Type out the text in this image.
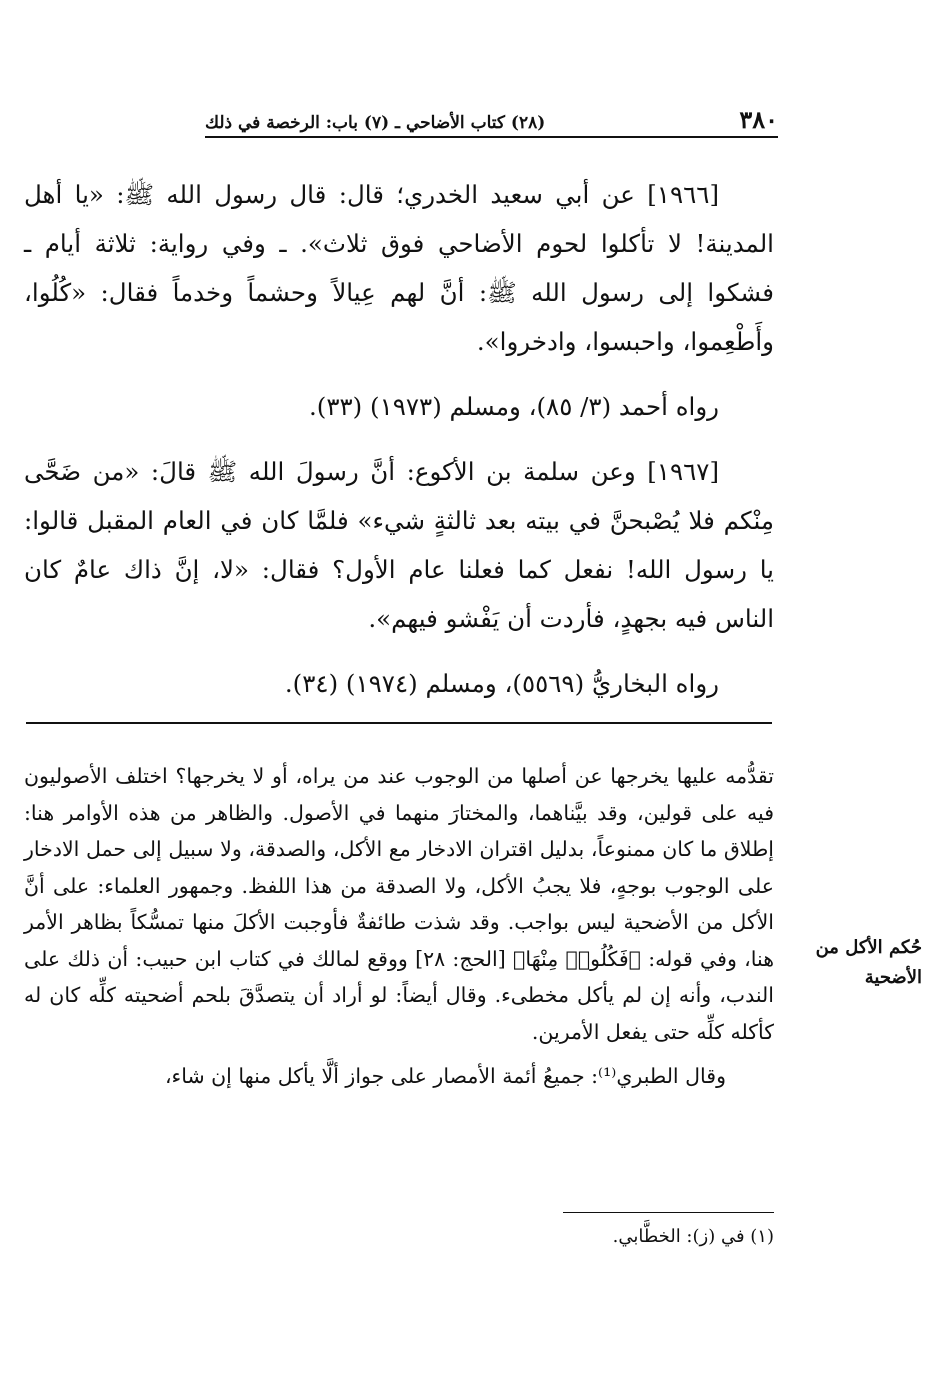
٣٨٠
(٢٨) كتاب الأضاحي ـ (٧) باب: الرخصة في ذلك

[١٩٦٦] عن أبي سعيد الخدري؛ قال: قال رسول الله ﷺ: «يا أهل المدينة! لا تأكلوا لحوم الأضاحي فوق ثلاث». ـ وفي رواية: ثلاثة أيام ـ فشكوا إلى رسول الله ﷺ: أنَّ لهم عِيالاً وحشماً وخدماً فقال: «كُلُوا، وأَطْعِموا، واحبسوا، وادخروا».

رواه أحمد (٣/ ٨٥)، ومسلم (١٩٧٣) (٣٣).

[١٩٦٧] وعن سلمة بن الأكوع: أنَّ رسولَ الله ﷺ قالَ: «من ضَحَّى مِنْكم فلا يُصْبحنَّ في بيته بعد ثالثةٍ شيء» فلمَّا كان في العام المقبل قالوا: يا رسول الله! نفعل كما فعلنا عام الأول؟ فقال: «لا، إنَّ ذاك عامٌ كان الناس فيه بجهدٍ، فأردت أن يَفْشو فيهم».

رواه البخاريُّ (٥٥٦٩)، ومسلم (١٩٧٤) (٣٤).

تقدُّمه عليها يخرجها عن أصلها من الوجوب عند من يراه، أو لا يخرجها؟ اختلف الأصوليون فيه على قولين، وقد بيَّناهما، والمختارَ منهما في الأصول. والظاهر من هذه الأوامر هنا: إطلاق ما كان ممنوعاً، بدليل اقتران الادخار مع الأكل، والصدقة، ولا سبيل إلى حمل الادخار على الوجوب بوجهٍ، فلا يجبُ الأكل، ولا الصدقة من هذا اللفظ. وجمهور العلماء: على أنَّ الأكل من الأضحية ليس بواجب. وقد شذت طائفةٌ فأوجبت الأكلَ منها تمسُّكاً بظاهر الأمر هنا، وفي قوله: ﴿فَكُلُوا۟ مِنْهَا﴾ [الحج: ٢٨] ووقع لمالك في كتاب ابن حبيب: أن ذلك على الندب، وأنه إن لم يأكل مخطىء. وقال أيضاً: لو أراد أن يتصدَّقَ بلحم أضحيته كلِّه كان له كأكله كلِّه حتى يفعل الأمرين.

وقال الطبري⁽¹⁾: جميعُ أئمة الأمصار على جواز ألَّا يأكل منها إن شاء،

حُكم الأكل من
الأضحية
(١) في (ز): الخطَّابي.
